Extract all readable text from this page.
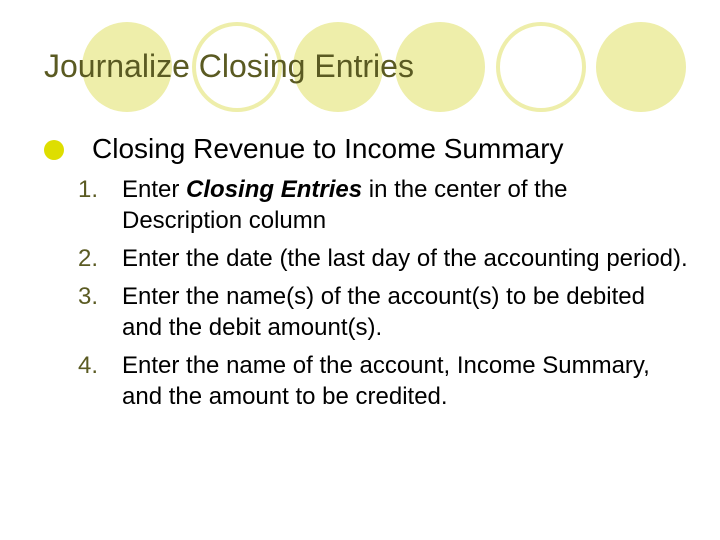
Journalize Closing Entries
Closing Revenue to Income Summary
1. Enter Closing Entries in the center of the Description column
2. Enter the date (the last day of the accounting period).
3. Enter the name(s) of the account(s) to be debited and the debit amount(s).
4. Enter the name of the account, Income Summary, and the amount to be credited.
